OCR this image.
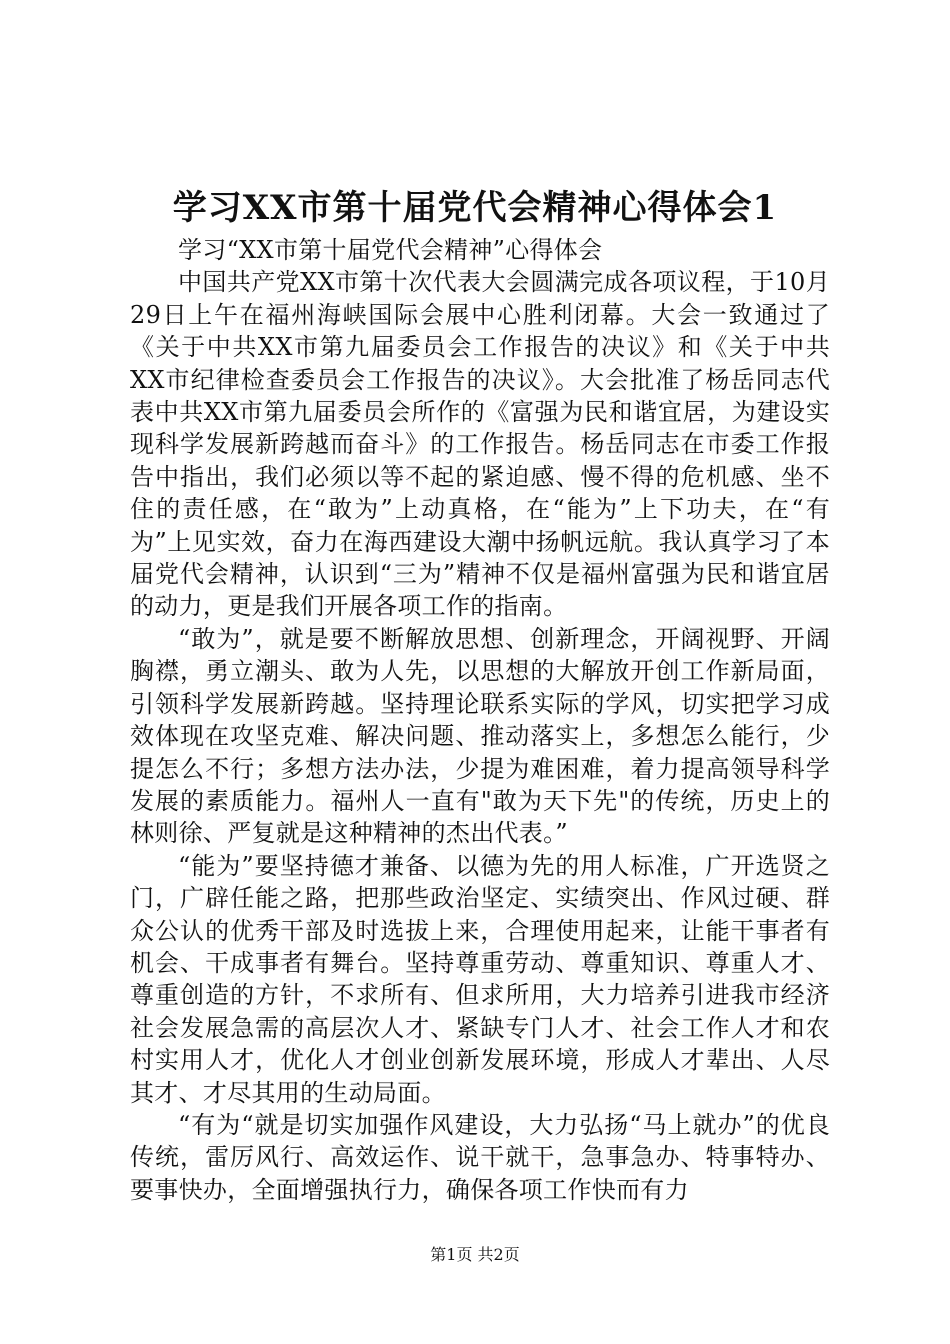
学习XX市第十届党代会精神心得体会1

学习“XX市第十届党代会精神”心得体会

中国共产党XX市第十次代表大会圆满完成各项议程，于10月29日上午在福州海峡国际会展中心胜利闭幕。大会一致通过了《关于中共XX市第九届委员会工作报告的决议》和《关于中共XX市纪律检查委员会工作报告的决议》。大会批准了杨岳同志代表中共XX市第九届委员会所作的《富强为民和谐宜居，为建设实现科学发展新跨越而奋斗》的工作报告。杨岳同志在市委工作报告中指出，我们必须以等不起的紧迫感、慢不得的危机感、坐不住的责任感，在“敢为”上动真格，在“能为”上下功夫，在“有为”上见实效，奋力在海西建设大潮中扬帆远航。我认真学习了本届党代会精神，认识到“三为”精神不仅是福州富强为民和谐宜居的动力，更是我们开展各项工作的指南。

“敢为”，就是要不断解放思想、创新理念，开阔视野、开阔胸襟，勇立潮头、敢为人先，以思想的大解放开创工作新局面，引领科学发展新跨越。坚持理论联系实际的学风，切实把学习成效体现在攻坚克难、解决问题、推动落实上，多想怎么能行，少提怎么不行；多想方法办法，少提为难困难，着力提高领导科学发展的素质能力。福州人一直有"敢为天下先"的传统，历史上的林则徐、严复就是这种精神的杰出代表。”

“能为”要坚持德才兼备、以德为先的用人标准，广开选贤之门，广辟任能之路，把那些政治坚定、实绩突出、作风过硬、群众公认的优秀干部及时选拔上来，合理使用起来，让能干事者有机会、干成事者有舞台。坚持尊重劳动、尊重知识、尊重人才、尊重创造的方针，不求所有、但求所用，大力培养引进我市经济社会发展急需的高层次人才、紧缺专门人才、社会工作人才和农村实用人才，优化人才创业创新发展环境，形成人才辈出、人尽其才、才尽其用的生动局面。

“有为“就是切实加强作风建设，大力弘扬“马上就办”的优良传统，雷厉风行、高效运作、说干就干，急事急办、特事特办、要事快办，全面增强执行力，确保各项工作快而有力

第1页 共2页
